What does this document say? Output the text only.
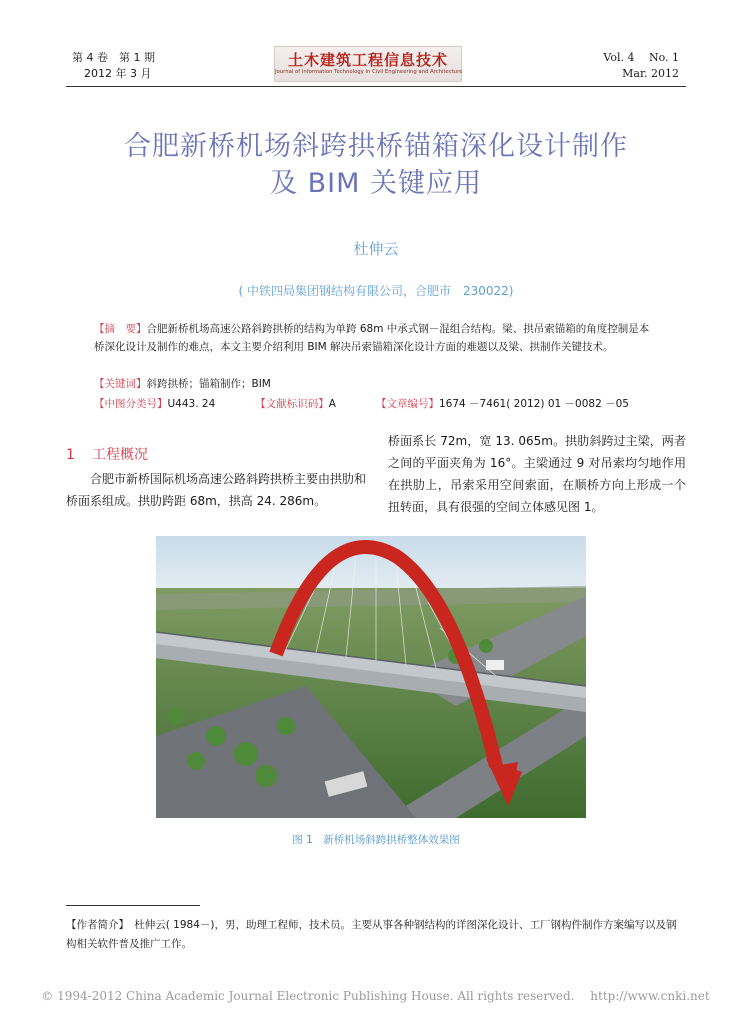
第 4 卷　第 1 期
2012 年 3 月
土木建筑工程信息技术
Journal of Information Technology in Civil Engineering and Architecture
Vol. 4　 No. 1
Mar. 2012
合肥新桥机场斜跨拱桥锚箱深化设计制作
及 BIM 关键应用
杜伸云
( 中铁四局集团钢结构有限公司，合肥市　230022)
【摘　要】合肥新桥机场高速公路斜跨拱桥的结构为单跨 68m 中承式钢－混组合结构。梁、拱吊索锚箱的角度控制是本桥深化设计及制作的难点，本文主要介绍利用 BIM 解决吊索锚箱深化设计方面的难题以及梁、拱制作关键技术。
【关键词】斜跨拱桥；锚箱制作；BIM
【中图分类号】U443. 24	【文献标识码】A	【文章编号】1674 －7461( 2012) 01 －0082 －05
1 工程概况
　　合肥市新桥国际机场高速公路斜跨拱桥主要由拱肋和桥面系组成。拱肋跨距 68m，拱高 24. 286m。
桥面系长 72m，宽 13. 065m。拱肋斜跨过主梁，两者之间的平面夹角为 16°。主梁通过 9 对吊索均匀地作用在拱肋上，吊索采用空间索面，在顺桥方向上形成一个扭转面，具有很强的空间立体感见图 1。
图 1　新桥机场斜跨拱桥整体效果图
【作者简介】　 杜伸云( 1984－)，男，助理工程师，技术员。主要从事各种钢结构的详图深化设计、工厂钢构件制作方案编写以及钢构相关软件普及推广工作。
© 1994-2012 China Academic Journal Electronic Publishing House. All rights reserved.　 http://www.cnki.net
